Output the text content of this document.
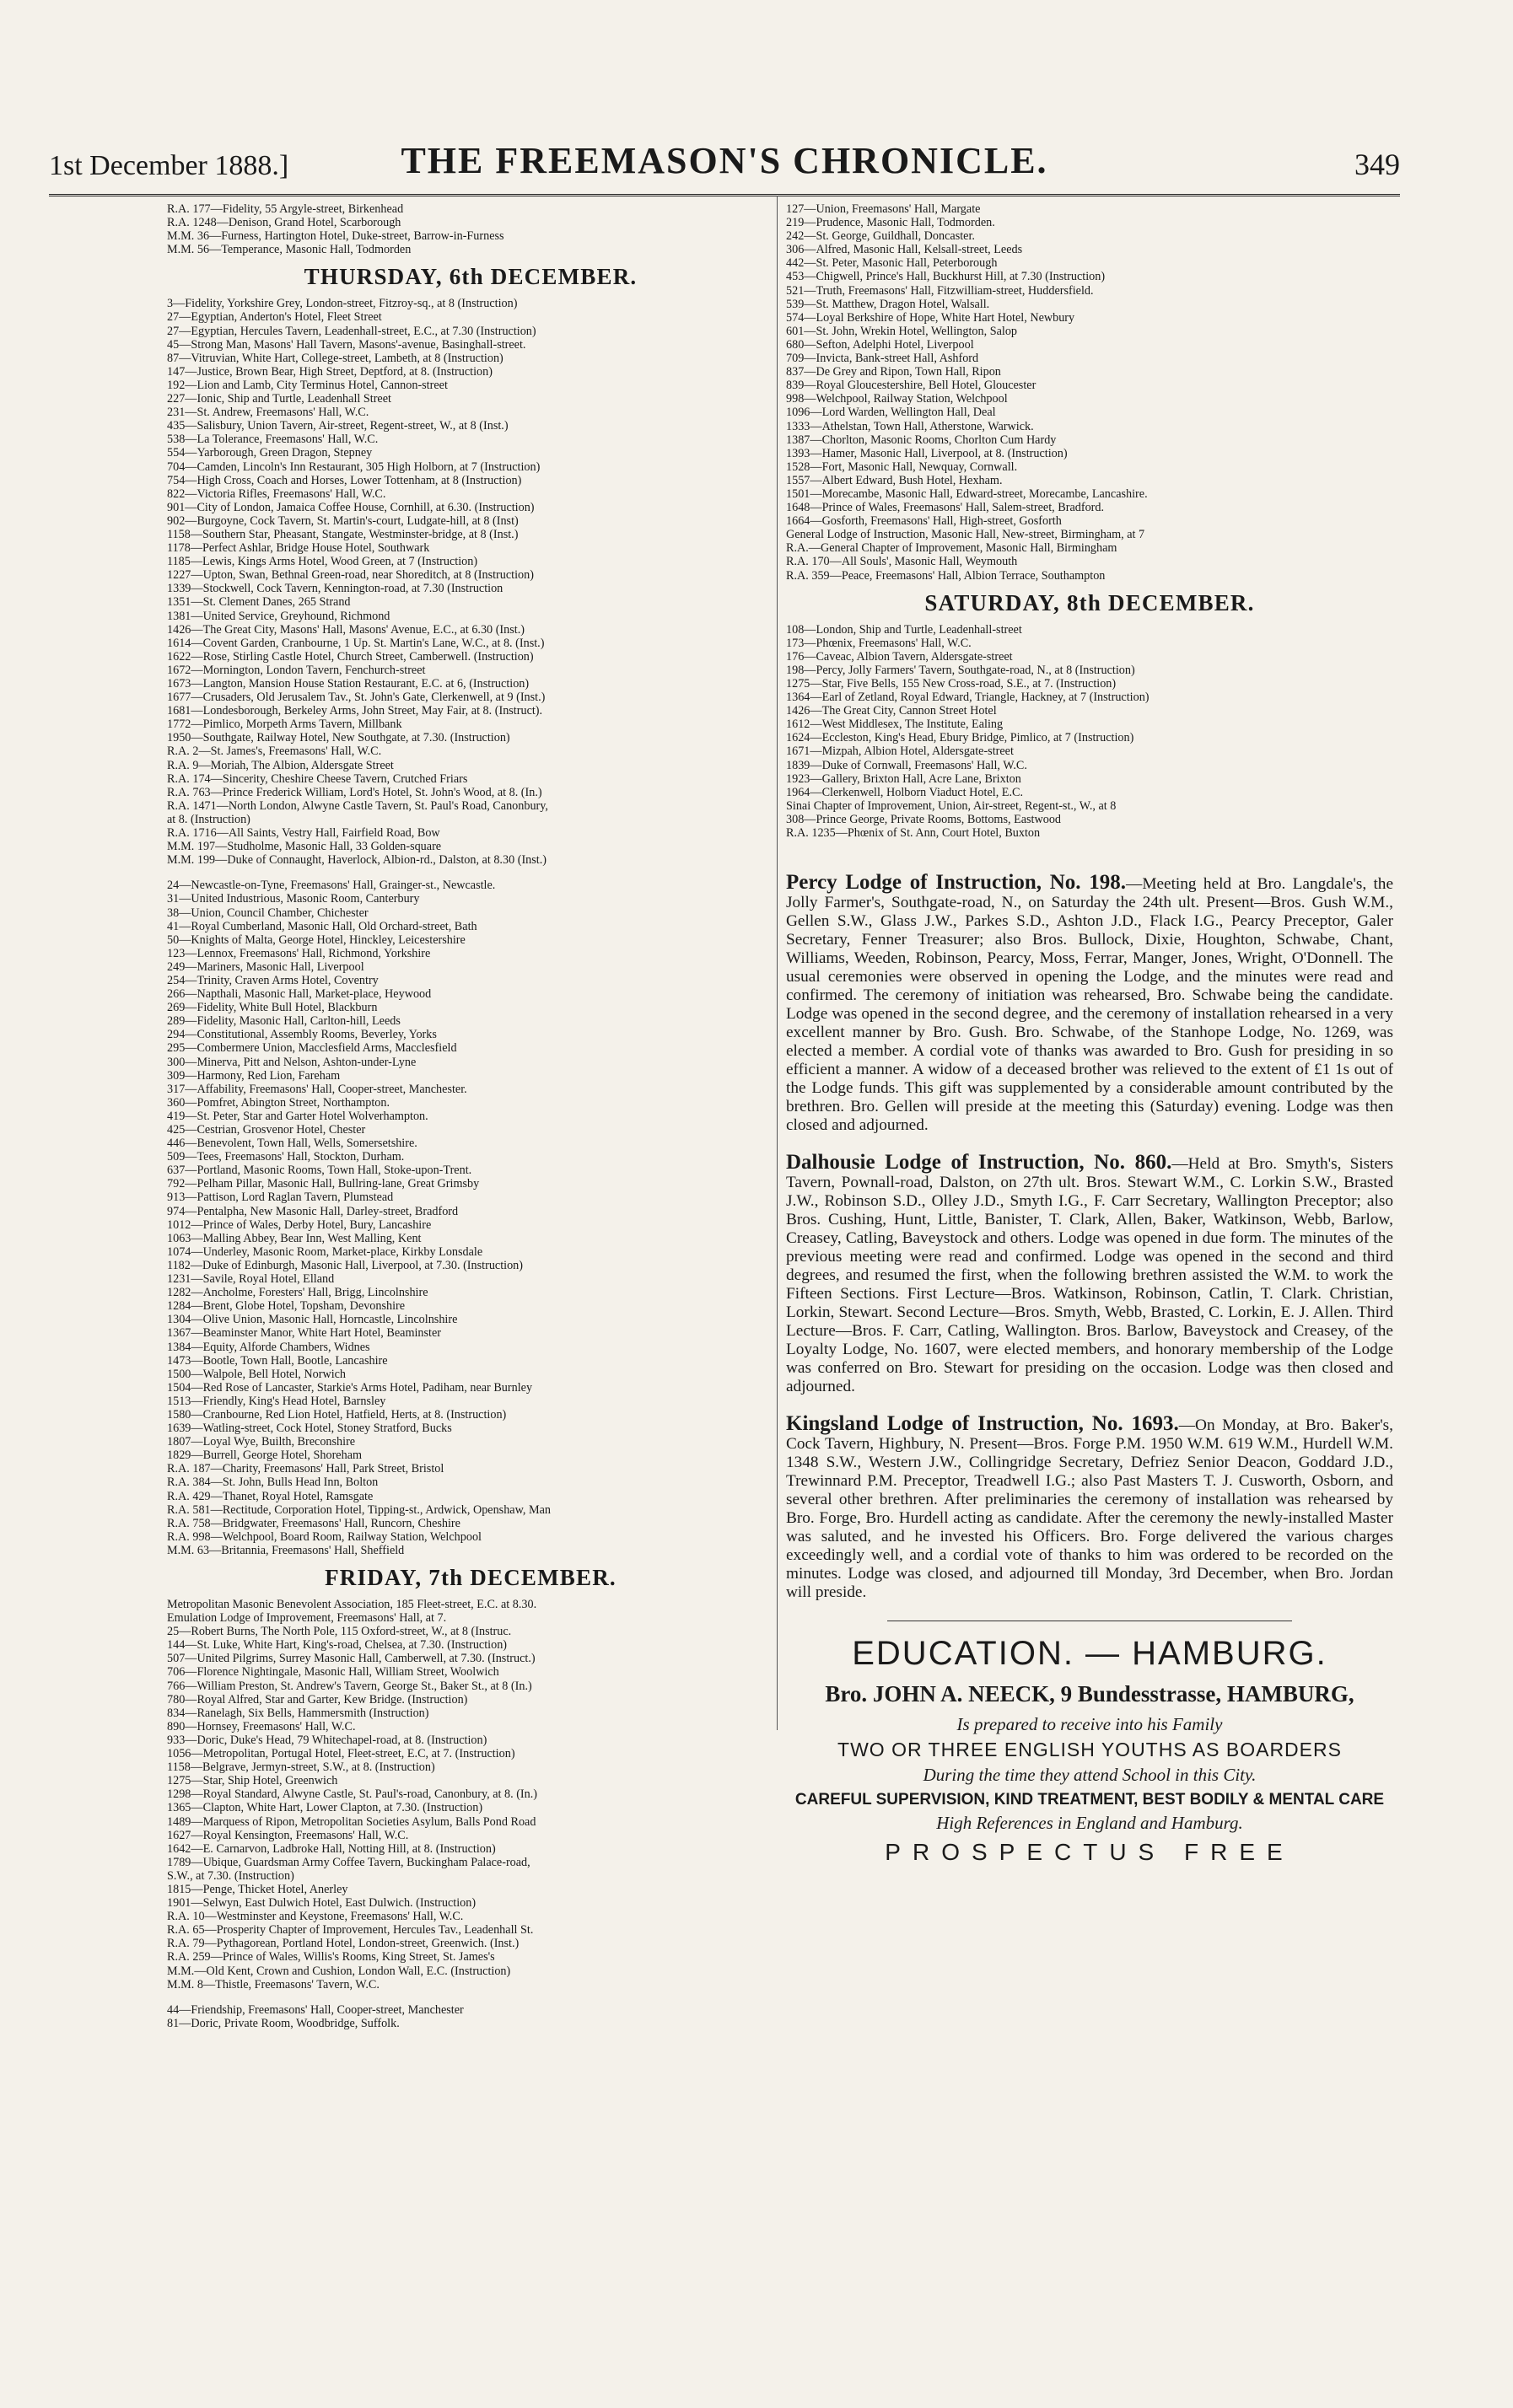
1st December 1888.]	THE FREEMASON'S CHRONICLE.	349
R.A. 177—Fidelity, 55 Argyle-street, Birkenhead
R.A. 1248—Denison, Grand Hotel, Scarborough
M.M. 36—Furness, Hartington Hotel, Duke-street, Barrow-in-Furness
M.M. 56—Temperance, Masonic Hall, Todmorden
THURSDAY, 6th DECEMBER.
3—Fidelity, Yorkshire Grey, London-street, Fitzroy-sq., at 8 (Instruction)
27—Egyptian, Anderton's Hotel, Fleet Street
27—Egyptian, Hercules Tavern, Leadenhall-street, E.C., at 7.30 (Instruction)
45—Strong Man, Masons' Hall Tavern, Masons'-avenue, Basinghall-street.
87—Vitruvian, White Hart, College-street, Lambeth, at 8 (Instruction)
147—Justice, Brown Bear, High Street, Deptford, at 8. (Instruction)
192—Lion and Lamb, City Terminus Hotel, Cannon-street
227—Ionic, Ship and Turtle, Leadenhall Street
231—St. Andrew, Freemasons' Hall, W.C.
435—Salisbury, Union Tavern, Air-street, Regent-street, W., at 8 (Inst.)
538—La Tolerance, Freemasons' Hall, W.C.
554—Yarborough, Green Dragon, Stepney
704—Camden, Lincoln's Inn Restaurant, 305 High Holborn, at 7 (Instruction)
754—High Cross, Coach and Horses, Lower Tottenham, at 8 (Instruction)
822—Victoria Rifles, Freemasons' Hall, W.C.
901—City of London, Jamaica Coffee House, Cornhill, at 6.30. (Instruction)
902—Burgoyne, Cock Tavern, St. Martin's-court, Ludgate-hill, at 8 (Inst)
1158—Southern Star, Pheasant, Stangate, Westminster-bridge, at 8 (Inst.)
1178—Perfect Ashlar, Bridge House Hotel, Southwark
1185—Lewis, Kings Arms Hotel, Wood Green, at 7 (Instruction)
1227—Upton, Swan, Bethnal Green-road, near Shoreditch, at 8 (Instruction)
1339—Stockwell, Cock Tavern, Kennington-road, at 7.30 (Instruction
1351—St. Clement Danes, 265 Strand
1381—United Service, Greyhound, Richmond
1426—The Great City, Masons' Hall, Masons' Avenue, E.C., at 6.30 (Inst.)
1614—Covent Garden, Cranbourne, 1 Up. St. Martin's Lane, W.C., at 8. (Inst.)
1622—Rose, Stirling Castle Hotel, Church Street, Camberwell. (Instruction)
1672—Mornington, London Tavern, Fenchurch-street
1673—Langton, Mansion House Station Restaurant, E.C. at 6, (Instruction)
1677—Crusaders, Old Jerusalem Tav., St. John's Gate, Clerkenwell, at 9 (Inst.)
1681—Londesborough, Berkeley Arms, John Street, May Fair, at 8. (Instruct).
1772—Pimlico, Morpeth Arms Tavern, Millbank
1950—Southgate, Railway Hotel, New Southgate, at 7.30. (Instruction)
R.A. 2—St. James's, Freemasons' Hall, W.C.
R.A. 9—Moriah, The Albion, Aldersgate Street
R.A. 174—Sincerity, Cheshire Cheese Tavern, Crutched Friars
R.A. 763—Prince Frederick William, Lord's Hotel, St. John's Wood, at 8. (In.)
R.A. 1471—North London, Alwyne Castle Tavern, St. Paul's Road, Canonbury,
at 8. (Instruction)
R.A. 1716—All Saints, Vestry Hall, Fairfield Road, Bow
M.M. 197—Studholme, Masonic Hall, 33 Golden-square
M.M. 199—Duke of Connaught, Haverlock, Albion-rd., Dalston, at 8.30 (Inst.)
24—Newcastle-on-Tyne, Freemasons' Hall, Grainger-st., Newcastle.
31—United Industrious, Masonic Room, Canterbury
38—Union, Council Chamber, Chichester
41—Royal Cumberland, Masonic Hall, Old Orchard-street, Bath
50—Knights of Malta, George Hotel, Hinckley, Leicestershire
123—Lennox, Freemasons' Hall, Richmond, Yorkshire
249—Mariners, Masonic Hall, Liverpool
254—Trinity, Craven Arms Hotel, Coventry
266—Napthali, Masonic Hall, Market-place, Heywood
269—Fidelity, White Bull Hotel, Blackburn
289—Fidelity, Masonic Hall, Carlton-hill, Leeds
294—Constitutional, Assembly Rooms, Beverley, Yorks
295—Combermere Union, Macclesfield Arms, Macclesfield
300—Minerva, Pitt and Nelson, Ashton-under-Lyne
309—Harmony, Red Lion, Fareham
317—Affability, Freemasons' Hall, Cooper-street, Manchester.
360—Pomfret, Abington Street, Northampton.
419—St. Peter, Star and Garter Hotel Wolverhampton.
425—Cestrian, Grosvenor Hotel, Chester
446—Benevolent, Town Hall, Wells, Somersetshire.
509—Tees, Freemasons' Hall, Stockton, Durham.
637—Portland, Masonic Rooms, Town Hall, Stoke-upon-Trent.
792—Pelham Pillar, Masonic Hall, Bullring-lane, Great Grimsby
913—Pattison, Lord Raglan Tavern, Plumstead
974—Pentalpha, New Masonic Hall, Darley-street, Bradford
1012—Prince of Wales, Derby Hotel, Bury, Lancashire
1063—Malling Abbey, Bear Inn, West Malling, Kent
1074—Underley, Masonic Room, Market-place, Kirkby Lonsdale
1182—Duke of Edinburgh, Masonic Hall, Liverpool, at 7.30. (Instruction)
1231—Savile, Royal Hotel, Elland
1282—Ancholme, Foresters' Hall, Brigg, Lincolnshire
1284—Brent, Globe Hotel, Topsham, Devonshire
1304—Olive Union, Masonic Hall, Horncastle, Lincolnshire
1367—Beaminster Manor, White Hart Hotel, Beaminster
1384—Equity, Alforde Chambers, Widnes
1473—Bootle, Town Hall, Bootle, Lancashire
1500—Walpole, Bell Hotel, Norwich
1504—Red Rose of Lancaster, Starkie's Arms Hotel, Padiham, near Burnley
1513—Friendly, King's Head Hotel, Barnsley
1580—Cranbourne, Red Lion Hotel, Hatfield, Herts, at 8. (Instruction)
1639—Watling-street, Cock Hotel, Stoney Stratford, Bucks
1807—Loyal Wye, Builth, Breconshire
1829—Burrell, George Hotel, Shoreham
R.A. 187—Charity, Freemasons' Hall, Park Street, Bristol
R.A. 384—St. John, Bulls Head Inn, Bolton
R.A. 429—Thanet, Royal Hotel, Ramsgate
R.A. 581—Rectitude, Corporation Hotel, Tipping-st., Ardwick, Openshaw, Man
R.A. 758—Bridgwater, Freemasons' Hall, Runcorn, Cheshire
R.A. 998—Welchpool, Board Room, Railway Station, Welchpool
M.M. 63—Britannia, Freemasons' Hall, Sheffield
FRIDAY, 7th DECEMBER.
Metropolitan Masonic Benevolent Association, 185 Fleet-street, E.C. at 8.30.
Emulation Lodge of Improvement, Freemasons' Hall, at 7.
25—Robert Burns, The North Pole, 115 Oxford-street, W., at 8 (Instruc.
144—St. Luke, White Hart, King's-road, Chelsea, at 7.30. (Instruction)
507—United Pilgrims, Surrey Masonic Hall, Camberwell, at 7.30. (Instruct.)
706—Florence Nightingale, Masonic Hall, William Street, Woolwich
766—William Preston, St. Andrew's Tavern, George St., Baker St., at 8 (In.)
780—Royal Alfred, Star and Garter, Kew Bridge. (Instruction)
834—Ranelagh, Six Bells, Hammersmith (Instruction)
890—Hornsey, Freemasons' Hall, W.C.
933—Doric, Duke's Head, 79 Whitechapel-road, at 8. (Instruction)
1056—Metropolitan, Portugal Hotel, Fleet-street, E.C, at 7. (Instruction)
1158—Belgrave, Jermyn-street, S.W., at 8. (Instruction)
1275—Star, Ship Hotel, Greenwich
1298—Royal Standard, Alwyne Castle, St. Paul's-road, Canonbury, at 8. (In.)
1365—Clapton, White Hart, Lower Clapton, at 7.30. (Instruction)
1489—Marquess of Ripon, Metropolitan Societies Asylum, Balls Pond Road
1627—Royal Kensington, Freemasons' Hall, W.C.
1642—E. Carnarvon, Ladbroke Hall, Notting Hill, at 8. (Instruction)
1789—Ubique, Guardsman Army Coffee Tavern, Buckingham Palace-road,
S.W., at 7.30. (Instruction)
1815—Penge, Thicket Hotel, Anerley
1901—Selwyn, East Dulwich Hotel, East Dulwich. (Instruction)
R.A. 10—Westminster and Keystone, Freemasons' Hall, W.C.
R.A. 65—Prosperity Chapter of Improvement, Hercules Tav., Leadenhall St.
R.A. 79—Pythagorean, Portland Hotel, London-street, Greenwich. (Inst.)
R.A. 259—Prince of Wales, Willis's Rooms, King Street, St. James's
M.M.—Old Kent, Crown and Cushion, London Wall, E.C. (Instruction)
M.M. 8—Thistle, Freemasons' Tavern, W.C.
44—Friendship, Freemasons' Hall, Cooper-street, Manchester
81—Doric, Private Room, Woodbridge, Suffolk.
127—Union, Freemasons' Hall, Margate
219—Prudence, Masonic Hall, Todmorden.
242—St. George, Guildhall, Doncaster.
306—Alfred, Masonic Hall, Kelsall-street, Leeds
442—St. Peter, Masonic Hall, Peterborough
453—Chigwell, Prince's Hall, Buckhurst Hill, at 7.30 (Instruction)
521—Truth, Freemasons' Hall, Fitzwilliam-street, Huddersfield.
539—St. Matthew, Dragon Hotel, Walsall.
574—Loyal Berkshire of Hope, White Hart Hotel, Newbury
601—St. John, Wrekin Hotel, Wellington, Salop
680—Sefton, Adelphi Hotel, Liverpool
709—Invicta, Bank-street Hall, Ashford
837—De Grey and Ripon, Town Hall, Ripon
839—Royal Gloucestershire, Bell Hotel, Gloucester
998—Welchpool, Railway Station, Welchpool
1096—Lord Warden, Wellington Hall, Deal
1333—Athelstan, Town Hall, Atherstone, Warwick.
1387—Chorlton, Masonic Rooms, Chorlton Cum Hardy
1393—Hamer, Masonic Hall, Liverpool, at 8. (Instruction)
1528—Fort, Masonic Hall, Newquay, Cornwall.
1557—Albert Edward, Bush Hotel, Hexham.
1501—Morecambe, Masonic Hall, Edward-street, Morecambe, Lancashire.
1648—Prince of Wales, Freemasons' Hall, Salem-street, Bradford.
1664—Gosforth, Freemasons' Hall, High-street, Gosforth
General Lodge of Instruction, Masonic Hall, New-street, Birmingham, at 7
R.A.—General Chapter of Improvement, Masonic Hall, Birmingham
R.A. 170—All Souls', Masonic Hall, Weymouth
R.A. 359—Peace, Freemasons' Hall, Albion Terrace, Southampton
SATURDAY, 8th DECEMBER.
108—London, Ship and Turtle, Leadenhall-street
173—Phœnix, Freemasons' Hall, W.C.
176—Caveac, Albion Tavern, Aldersgate-street
198—Percy, Jolly Farmers' Tavern, Southgate-road, N., at 8 (Instruction)
1275—Star, Five Bells, 155 New Cross-road, S.E., at 7. (Instruction)
1364—Earl of Zetland, Royal Edward, Triangle, Hackney, at 7 (Instruction)
1426—The Great City, Cannon Street Hotel
1612—West Middlesex, The Institute, Ealing
1624—Eccleston, King's Head, Ebury Bridge, Pimlico, at 7 (Instruction)
1671—Mizpah, Albion Hotel, Aldersgate-street
1839—Duke of Cornwall, Freemasons' Hall, W.C.
1923—Gallery, Brixton Hall, Acre Lane, Brixton
1964—Clerkenwell, Holborn Viaduct Hotel, E.C.
Sinai Chapter of Improvement, Union, Air-street, Regent-st., W., at 8
308—Prince George, Private Rooms, Bottoms, Eastwood
R.A. 1235—Phœnix of St. Ann, Court Hotel, Buxton

Percy Lodge of Instruction, No. 198.—Meeting held at Bro. Langdale's, the Jolly Farmer's, Southgate-road, N., on Saturday the 24th ult. Present—Bros. Gush W.M., Gellen S.W., Glass J.W., Parkes S.D., Ashton J.D., Flack I.G., Pearcy Preceptor, Galer Secretary, Fenner Treasurer; also Bros. Bullock, Dixie, Houghton, Schwabe, Chant, Williams, Weeden, Robinson, Pearcy, Moss, Ferrar, Manger, Jones, Wright, O'Donnell. The usual ceremonies were observed in opening the Lodge, and the minutes were read and confirmed. The ceremony of initiation was rehearsed, Bro. Schwabe being the candidate. Lodge was opened in the second degree, and the ceremony of installation rehearsed in a very excellent manner by Bro. Gush. Bro. Schwabe, of the Stanhope Lodge, No. 1269, was elected a member. A cordial vote of thanks was awarded to Bro. Gush for presiding in so efficient a manner. A widow of a deceased brother was relieved to the extent of £1 1s out of the Lodge funds. This gift was supplemented by a considerable amount contributed by the brethren. Bro. Gellen will preside at the meeting this (Saturday) evening. Lodge was then closed and adjourned.

Dalhousie Lodge of Instruction, No. 860.—Held at Bro. Smyth's, Sisters Tavern, Pownall-road, Dalston, on 27th ult. Bros. Stewart W.M., C. Lorkin S.W., Brasted J.W., Robinson S.D., Olley J.D., Smyth I.G., F. Carr Secretary, Wallington Preceptor; also Bros. Cushing, Hunt, Little, Banister, T. Clark, Allen, Baker, Watkinson, Webb, Barlow, Creasey, Catling, Baveystock and others. Lodge was opened in due form. The minutes of the previous meeting were read and confirmed. Lodge was opened in the second and third degrees, and resumed the first, when the following brethren assisted the W.M. to work the Fifteen Sections. First Lecture—Bros. Watkinson, Robinson, Catlin, T. Clark. Christian, Lorkin, Stewart. Second Lecture—Bros. Smyth, Webb, Brasted, C. Lorkin, E. J. Allen. Third Lecture—Bros. F. Carr, Catling, Wallington. Bros. Barlow, Baveystock and Creasey, of the Loyalty Lodge, No. 1607, were elected members, and honorary membership of the Lodge was conferred on Bro. Stewart for presiding on the occasion. Lodge was then closed and adjourned.

Kingsland Lodge of Instruction, No. 1693.—On Monday, at Bro. Baker's, Cock Tavern, Highbury, N. Present—Bros. Forge P.M. 1950 W.M. 619 W.M., Hurdell W.M. 1348 S.W., Western J.W., Collingridge Secretary, Defriez Senior Deacon, Goddard J.D., Trewinnard P.M. Preceptor, Treadwell I.G.; also Past Masters T. J. Cusworth, Osborn, and several other brethren. After preliminaries the ceremony of installation was rehearsed by Bro. Forge, Bro. Hurdell acting as candidate. After the ceremony the newly-installed Master was saluted, and he invested his Officers. Bro. Forge delivered the various charges exceedingly well, and a cordial vote of thanks to him was ordered to be recorded on the minutes. Lodge was closed, and adjourned till Monday, 3rd December, when Bro. Jordan will preside.

EDUCATION. — HAMBURG.
Bro. JOHN A. NEECK, 9 Bundesstrasse, HAMBURG,
Is prepared to receive into his Family
TWO OR THREE ENGLISH YOUTHS AS BOARDERS
During the time they attend School in this City.
CAREFUL SUPERVISION, KIND TREATMENT, BEST BODILY & MENTAL CARE
High References in England and Hamburg.
PROSPECTUS FREE
